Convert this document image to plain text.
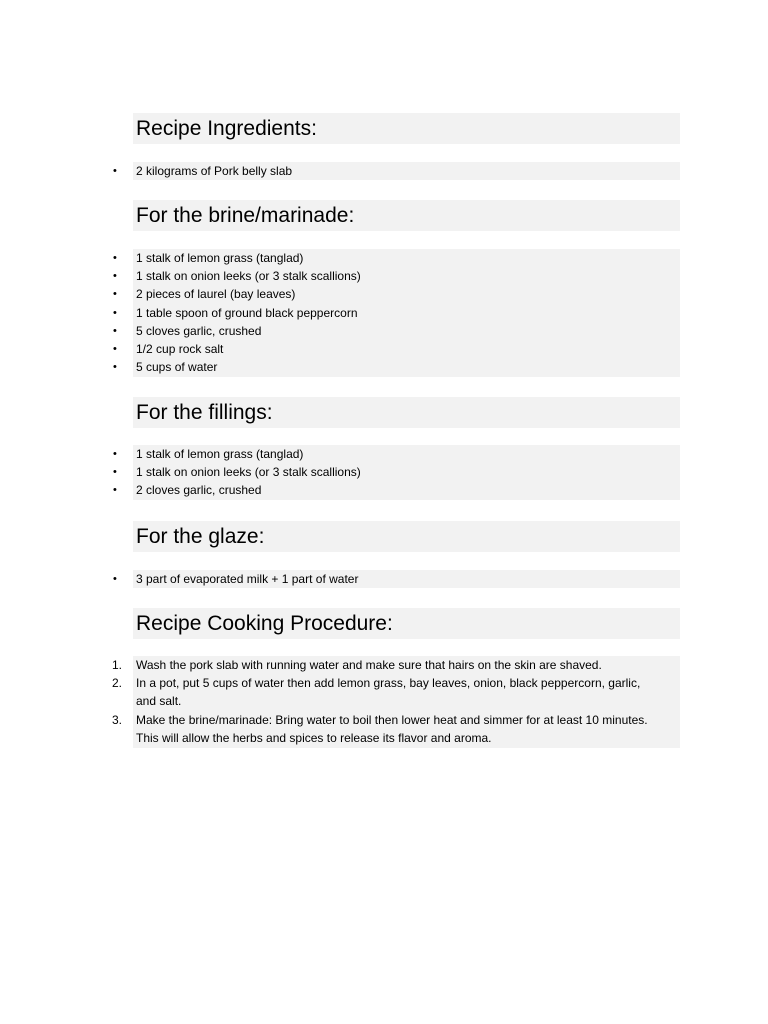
Recipe Ingredients:
•	2 kilograms of Pork belly slab
For the brine/marinade:
•	1 stalk of lemon grass (tanglad)
•	1 stalk on onion leeks (or 3 stalk scallions)
•	2 pieces of laurel (bay leaves)
•	1 table spoon of ground black peppercorn
•	5 cloves garlic, crushed
•	1/2 cup rock salt
•	5 cups of water
For the fillings:
•	1 stalk of lemon grass (tanglad)
•	1 stalk on onion leeks (or 3 stalk scallions)
•	2 cloves garlic, crushed
For the glaze:
•	3 part of evaporated milk + 1 part of water
Recipe Cooking Procedure:
1.	Wash the pork slab with running water and make sure that hairs on the skin are shaved.
2.	In a pot, put 5 cups of water then add lemon grass, bay leaves, onion, black peppercorn, garlic, and salt.
3.	Make the brine/marinade: Bring water to boil then lower heat and simmer for at least 10 minutes. This will allow the herbs and spices to release its flavor and aroma.
